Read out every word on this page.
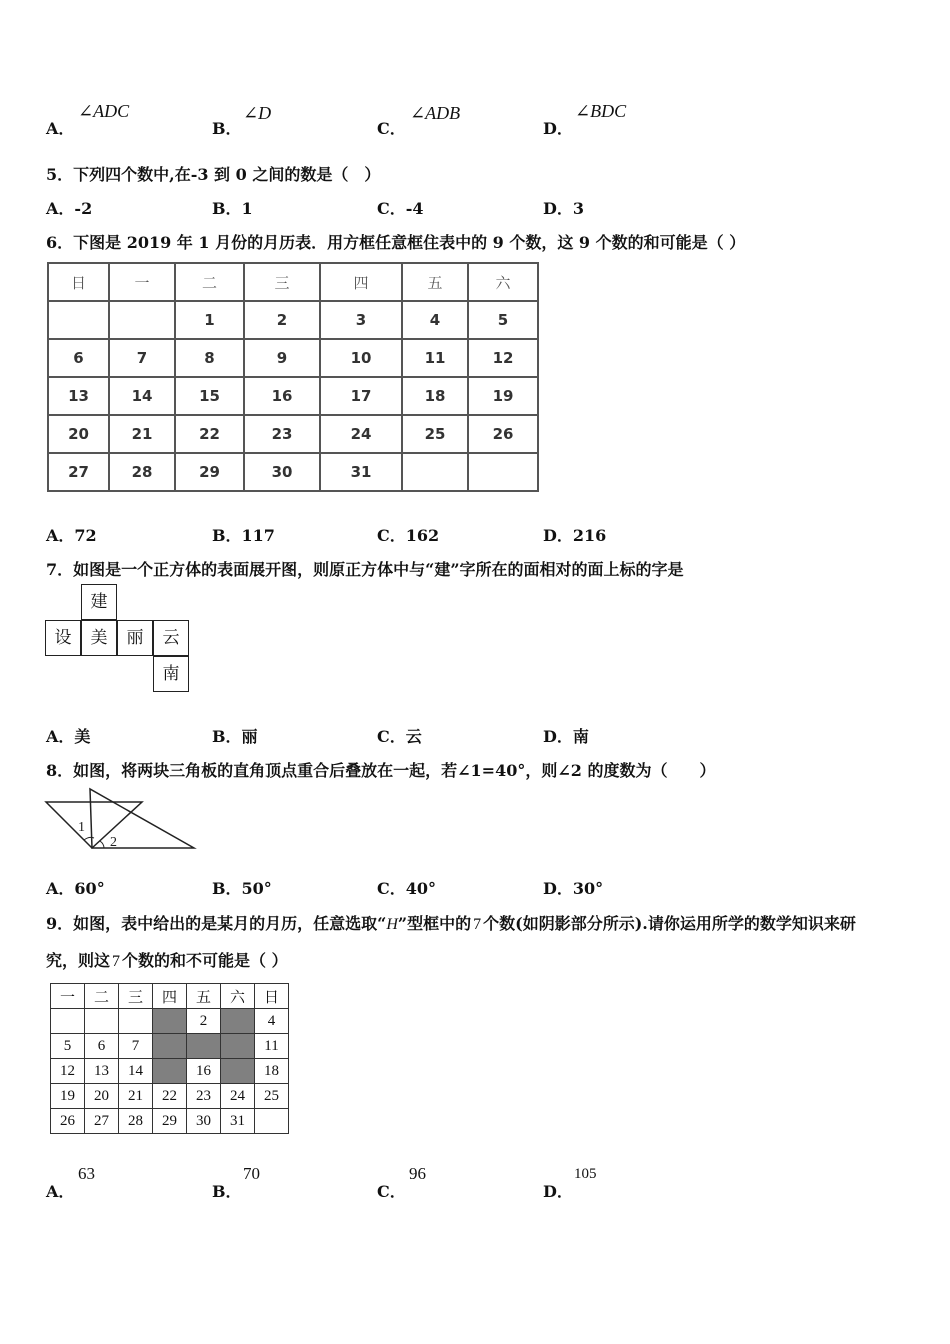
A．
∠ADC
B．
∠D
C．
∠ADB
D．
∠BDC
5．下列四个数中,在-3 到 0 之间的数是（　）
A．-2	B．1	C．-4	D．3
6．下图是 2019 年 1 月份的月历表．用方框任意框住表中的 9 个数，这 9 个数的和可能是（ ）
日	一	二	三	四	五	六
		1	2	3	4	5
6	7	8	9	10	11	12
13	14	15	16	17	18	19
20	21	22	23	24	25	26
27	28	29	30	31		
A．72	B．117	C．162	D．216
7．如图是一个正方体的表面展开图，则原正方体中与“建”字所在的面相对的面上标的字是
建
设	美	丽	云
南
A．美	B．丽	C．云	D．南
8．如图，将两块三角板的直角顶点重合后叠放在一起，若∠1=40°，则∠2 的度数为（　　）
1
2
A．60°	B．50°	C．40°	D．30°
9．如图，表中给出的是某月的月历，任意选取“H”型框中的 7 个数(如阴影部分所示).请你运用所学的数学知识来研
究，则这 7 个数的和不可能是（ ）
一	二	三	四	五	六	日
				2		4
5	6	7				11
12	13	14		16		18
19	20	21	22	23	24	25
26	27	28	29	30	31	
A．
63
B．
70
C．
96
D．
105
